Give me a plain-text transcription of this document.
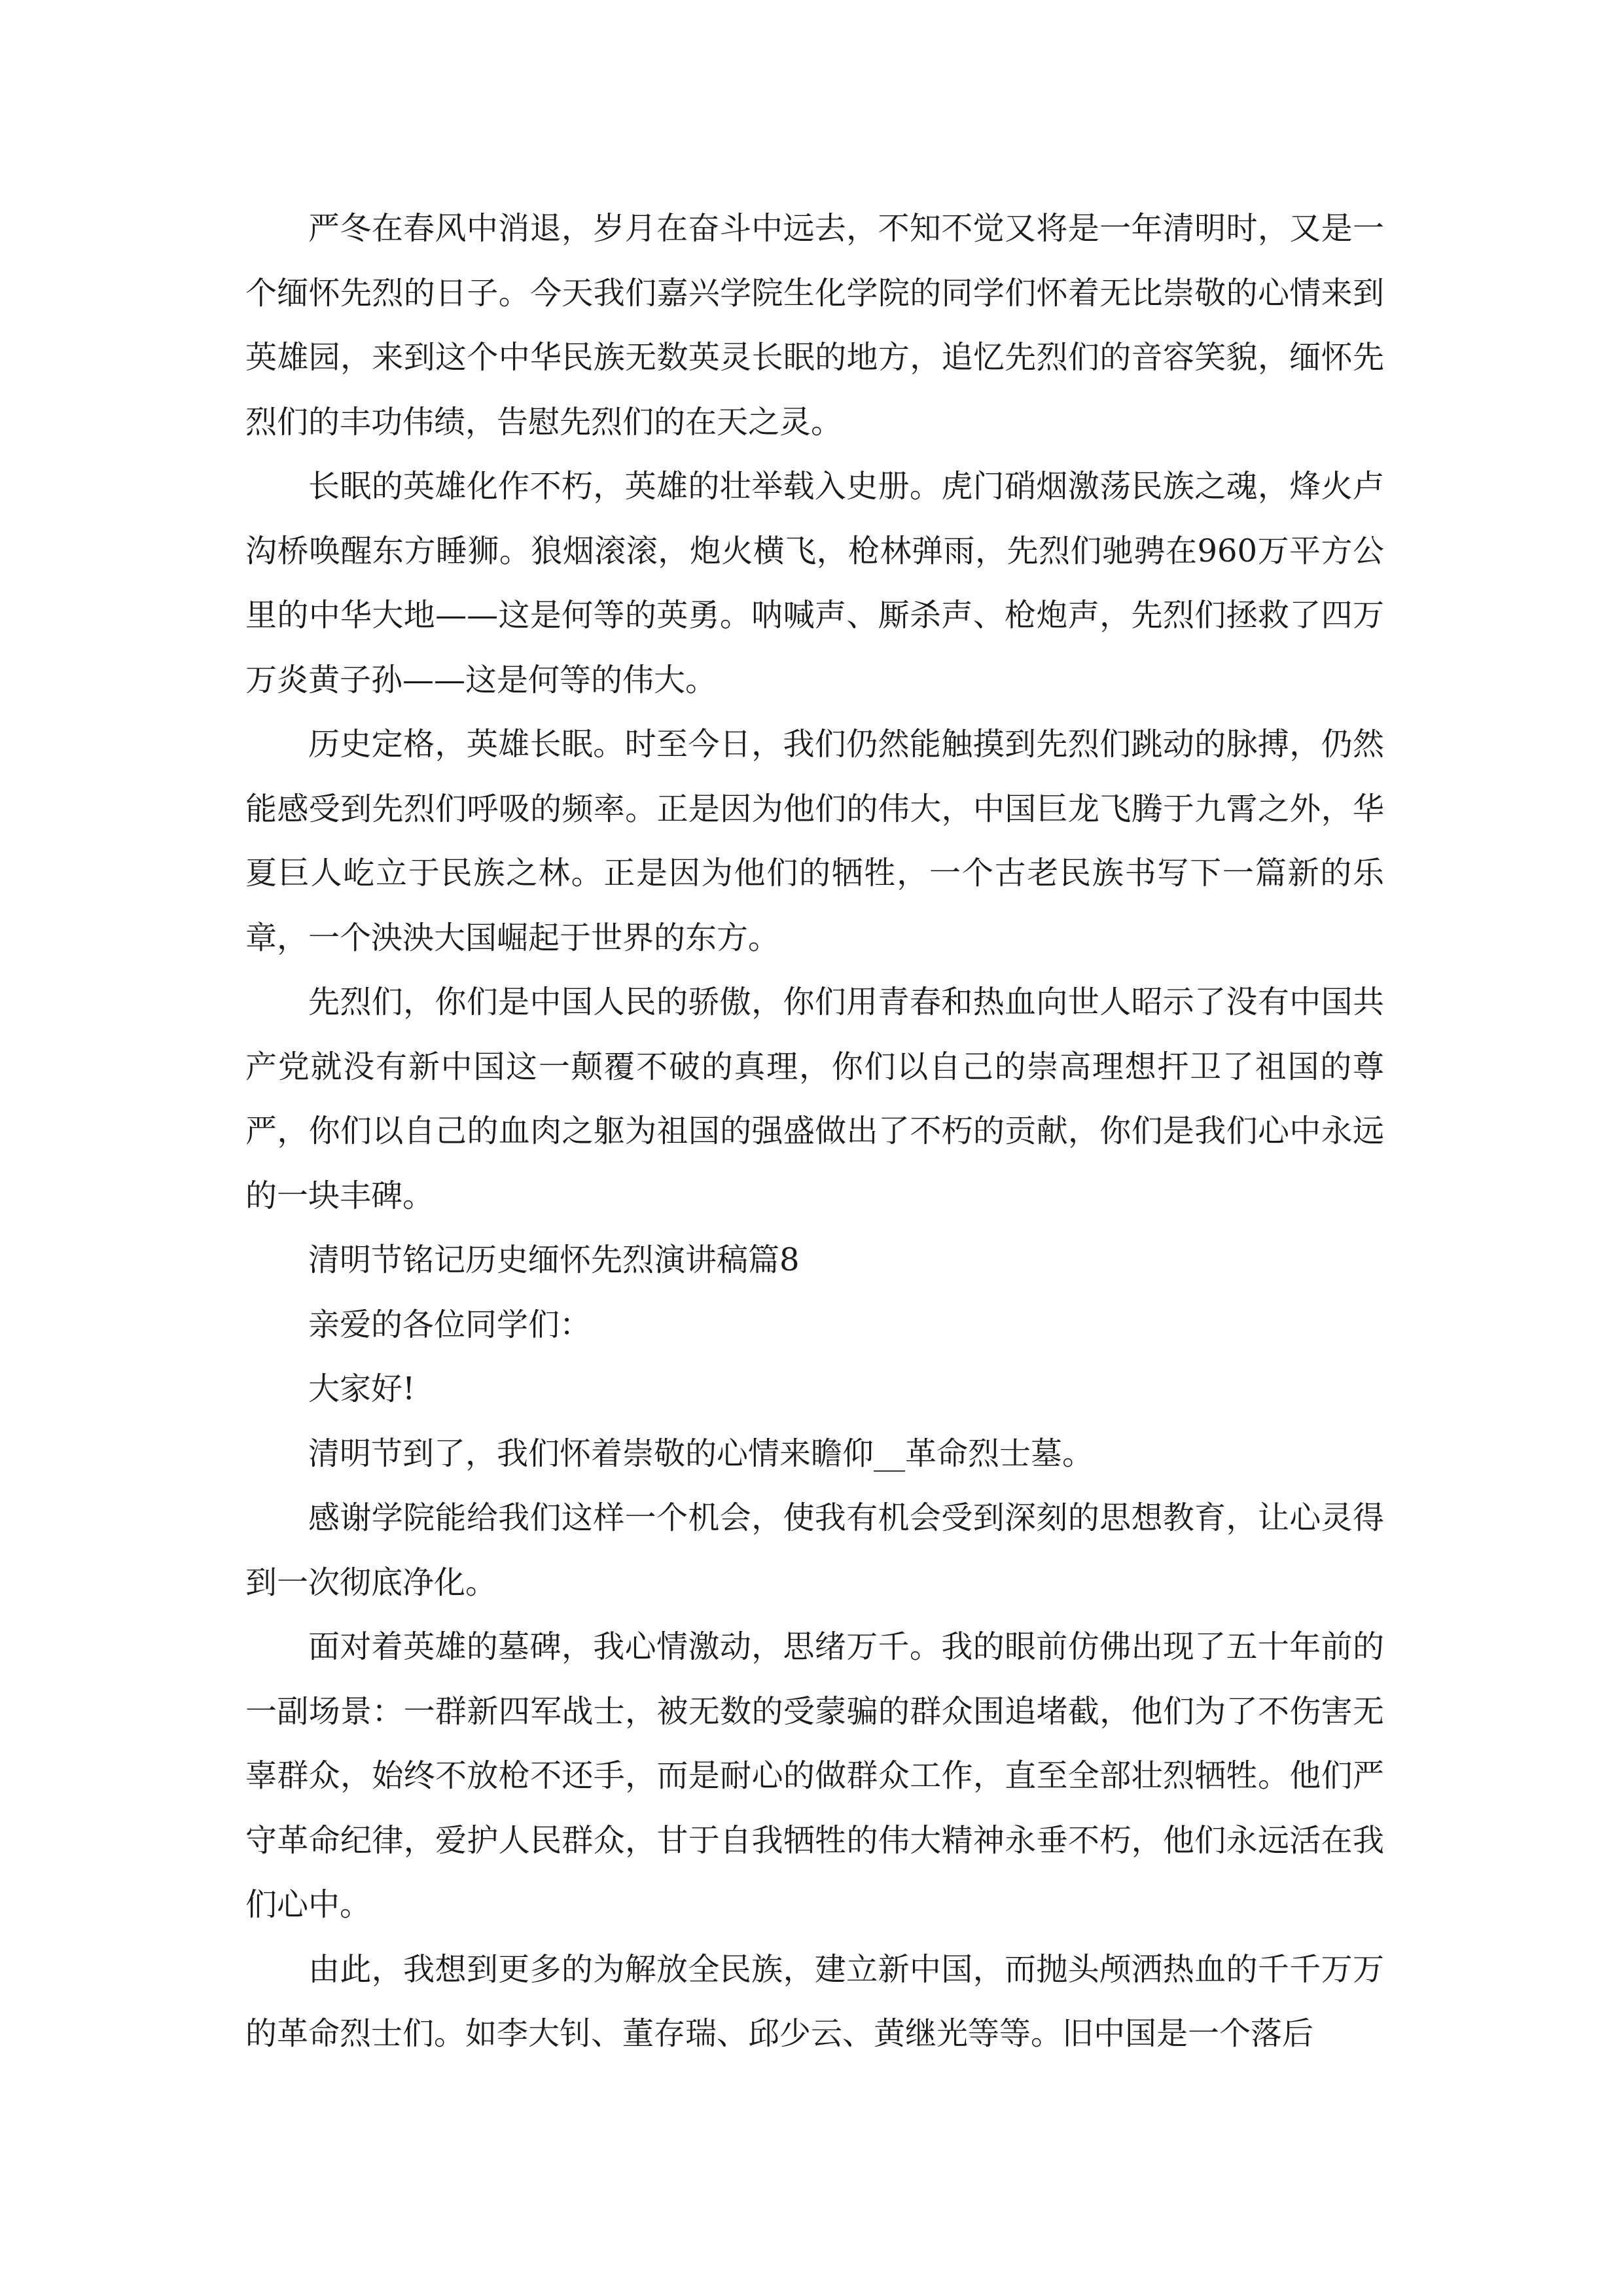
严冬在春风中消退，岁月在奋斗中远去，不知不觉又将是一年清明时，又是一个缅怀先烈的日子。今天我们嘉兴学院生化学院的同学们怀着无比崇敬的心情来到英雄园，来到这个中华民族无数英灵长眠的地方，追忆先烈们的音容笑貌，缅怀先烈们的丰功伟绩，告慰先烈们的在天之灵。

长眠的英雄化作不朽，英雄的壮举载入史册。虎门硝烟激荡民族之魂，烽火卢沟桥唤醒东方睡狮。狼烟滚滚，炮火横飞，枪林弹雨，先烈们驰骋在960万平方公里的中华大地——这是何等的英勇。呐喊声、厮杀声、枪炮声，先烈们拯救了四万万炎黄子孙——这是何等的伟大。

历史定格，英雄长眠。时至今日，我们仍然能触摸到先烈们跳动的脉搏，仍然能感受到先烈们呼吸的频率。正是因为他们的伟大，中国巨龙飞腾于九霄之外，华夏巨人屹立于民族之林。正是因为他们的牺牲，一个古老民族书写下一篇新的乐章，一个泱泱大国崛起于世界的东方。

先烈们，你们是中国人民的骄傲，你们用青春和热血向世人昭示了没有中国共产党就没有新中国这一颠覆不破的真理，你们以自己的崇高理想扞卫了祖国的尊严，你们以自己的血肉之躯为祖国的强盛做出了不朽的贡献，你们是我们心中永远的一块丰碑。

清明节铭记历史缅怀先烈演讲稿篇8

亲爱的各位同学们：

大家好!

清明节到了，我们怀着崇敬的心情来瞻仰__革命烈士墓。

感谢学院能给我们这样一个机会，使我有机会受到深刻的思想教育，让心灵得到一次彻底净化。

面对着英雄的墓碑，我心情激动，思绪万千。我的眼前仿佛出现了五十年前的一副场景：一群新四军战士，被无数的受蒙骗的群众围追堵截，他们为了不伤害无辜群众，始终不放枪不还手，而是耐心的做群众工作，直至全部壮烈牺牲。他们严守革命纪律，爱护人民群众，甘于自我牺牲的伟大精神永垂不朽，他们永远活在我们心中。

由此，我想到更多的为解放全民族，建立新中国，而抛头颅洒热血的千千万万的革命烈士们。如李大钊、董存瑞、邱少云、黄继光等等。旧中国是一个落后
